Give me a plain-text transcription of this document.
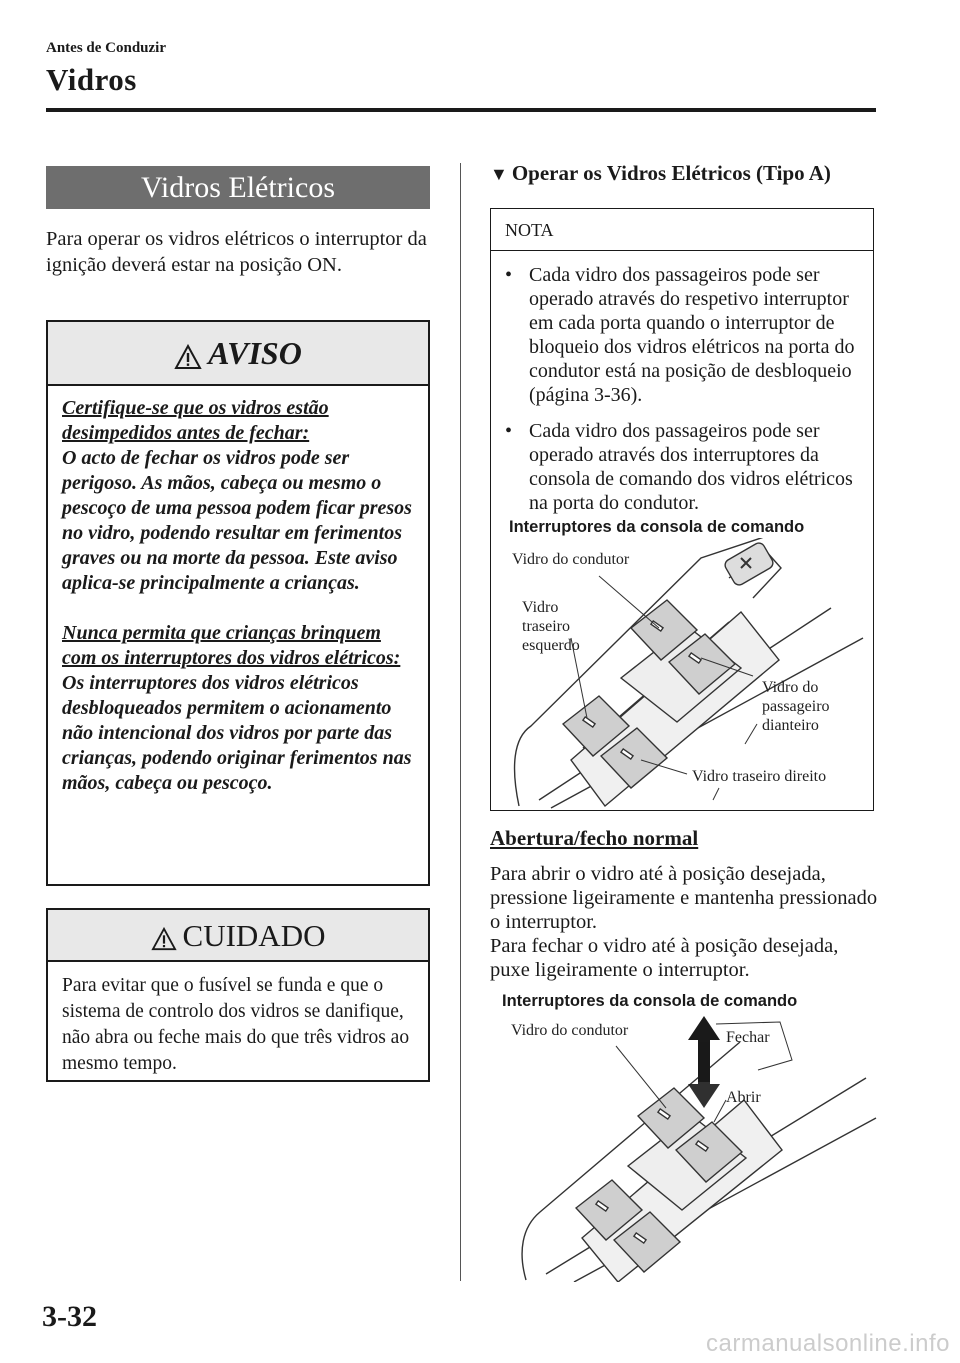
Antes de Conduzir
Vidros
Vidros Elétricos
Para operar os vidros elétricos o interruptor da ignição deverá estar na posição ON.
AVISO
Certifique-se que os vidros estão desimpedidos antes de fechar:
O acto de fechar os vidros pode ser perigoso. As mãos, cabeça ou mesmo o pescoço de uma pessoa podem ficar presos no vidro, podendo resultar em ferimentos graves ou na morte da pessoa. Este aviso aplica-se principalmente a crianças.
Nunca permita que crianças brinquem com os interruptores dos vidros elétricos:
Os interruptores dos vidros elétricos desbloqueados permitem o acionamento não intencional dos vidros por parte das crianças, podendo originar ferimentos nas mãos, cabeça ou pescoço.
CUIDADO
Para evitar que o fusível se funda e que o sistema de controlo dos vidros se danifique, não abra ou feche mais do que três vidros ao mesmo tempo.
▼ Operar os Vidros Elétricos (Tipo A)
NOTA
• Cada vidro dos passageiros pode ser operado através do respetivo interruptor em cada porta quando o interruptor de bloqueio dos vidros elétricos na porta do condutor está na posição de desbloqueio (página 3-36).
• Cada vidro dos passageiros pode ser operado através dos interruptores da consola de comando dos vidros elétricos na porta do condutor.
Interruptores da consola de comando
Vidro do condutor
Vidro traseiro esquerdo
Vidro do passageiro dianteiro
Vidro traseiro direito
Abertura/fecho normal
Para abrir o vidro até à posição desejada, pressione ligeiramente e mantenha pressionado o interruptor.
Para fechar o vidro até à posição desejada, puxe ligeiramente o interruptor.
Interruptores da consola de comando
Vidro do condutor	Fechar
Abrir
3-32
carmanualsonline.info
